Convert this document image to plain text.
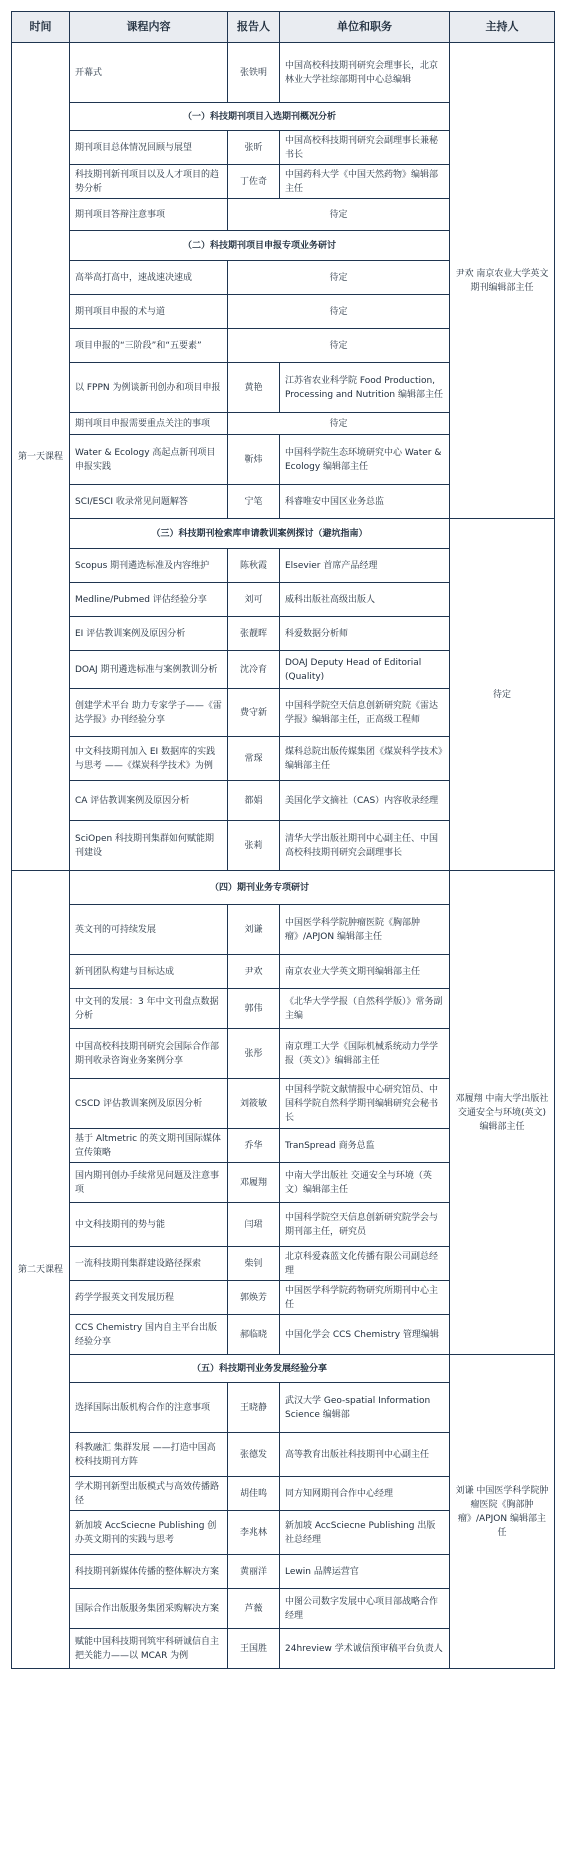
时间	课程内容	报告人	单位和职务	主持人
第一天课程	开幕式	张铁明	中国高校科技期刊研究会理事长，北京林业大学社综部期刊中心总编辑	尹欢 南京农业大学英文期刊编辑部主任
	（一）科技期刊项目入选期刊概况分析			
	期刊项目总体情况回顾与展望	张昕	中国高校科技期刊研究会副理事长兼秘书长	
	科技期刊新刊项目以及人才项目的趋势分析	丁佐奇	中国药科大学《中国天然药物》编辑部主任	
	期刊项目答辩注意事项	待定		
	（二）科技期刊项目申报专项业务研讨			
	高举高打高中，速战速决速成	待定		
	期刊项目申报的术与道	待定		
	项目申报的“三阶段”和“五要素”	待定		
	以 FPPN 为例谈新刊创办和项目申报	黄艳	江苏省农业科学院 Food Production, Processing and Nutrition 编辑部主任	
	期刊项目申报需要重点关注的事项	待定		
	Water & Ecology 高起点新刊项目申报实践	靳炜	中国科学院生态环境研究中心 Water & Ecology 编辑部主任	
	SCI/ESCI 收录常见问题解答	宁笔	科睿唯安中国区业务总监	
	（三）科技期刊检索库申请教训案例探讨（避坑指南）			待定
	Scopus 期刊遴选标准及内容维护	陈秋霞	Elsevier 首席产品经理	
	Medline/Pubmed 评估经验分享	刘可	威科出版社高级出版人	
	EI 评估教训案例及原因分析	张靓晖	科爱数据分析师	
	DOAJ 期刊遴选标准与案例教训分析	沈冷育	DOAJ Deputy Head of Editorial (Quality)	
	创建学术平台 助力专家学子——《雷达学报》办刊经验分享	费守新	中国科学院空天信息创新研究院《雷达学报》编辑部主任，正高级工程师	
	中文科技期刊加入 EI 数据库的实践与思考 ——《煤炭科学技术》为例	常琛	煤科总院出版传媒集团《煤炭科学技术》编辑部主任	
	CA 评估教训案例及原因分析	都娟	美国化学文摘社（CAS）内容收录经理	
	SciOpen 科技期刊集群如何赋能期刊建设	张莉	清华大学出版社期刊中心副主任、中国高校科技期刊研究会副理事长	
第二天课程	（四）期刊业务专项研讨			邓履翔 中南大学出版社 交通安全与环境(英文)编辑部主任
	英文刊的可持续发展	刘谦	中国医学科学院肿瘤医院《胸部肿瘤》/APJON 编辑部主任	
	新刊团队构建与目标达成	尹欢	南京农业大学英文期刊编辑部主任	
	中文刊的发展：3 年中文刊盘点数据分析	郭伟	《北华大学学报（自然科学版）》常务副主编	
	中国高校科技期刊研究会国际合作部期刊收录咨询业务案例分享	张彤	南京理工大学《国际机械系统动力学学报（英文）》编辑部主任	
	CSCD 评估教训案例及原因分析	刘筱敏	中国科学院文献情报中心研究馆员、中国科学院自然科学期刊编辑研究会秘书长	
	基于 Altmetric 的英文期刊国际媒体宣传策略	乔华	TranSpread 商务总监	
	国内期刊创办手续常见问题及注意事项	邓履翔	中南大学出版社 交通安全与环境（英文）编辑部主任	
	中文科技期刊的势与能	闫珺	中国科学院空天信息创新研究院学会与期刊部主任，研究员	
	一流科技期刊集群建设路径探索	柴钊	北京科爱森蓝文化传播有限公司副总经理	
	药学学报英文刊发展历程	郭焕芳	中国医学科学院药物研究所期刊中心主任	
	CCS Chemistry 国内自主平台出版经验分享	郝临晓	中国化学会 CCS Chemistry 管理编辑	
	（五）科技期刊业务发展经验分享			刘谦 中国医学科学院肿瘤医院《胸部肿瘤》/APJON 编辑部主任
	选择国际出版机构合作的注意事项	王晓静	武汉大学 Geo-spatial Information Science 编辑部	
	科教融汇 集群发展 ——打造中国高校科技期刊方阵	张德发	高等教育出版社科技期刊中心副主任	
	学术期刊新型出版模式与高效传播路径	胡佳鸣	同方知网期刊合作中心经理	
	新加坡 AccSciecne Publishing 创办英文期刊的实践与思考	李兆林	新加坡 AccSciecne Publishing 出版社总经理	
	科技期刊新媒体传播的整体解决方案	黄丽洋	Lewin 品牌运营官	
	国际合作出版服务集团采购解决方案	芦薇	中图公司数字发展中心项目部战略合作经理	
	赋能中国科技期刊筑牢科研诚信自主把关能力——以 MCAR 为例	王国胜	24hreview 学术诚信预审稿平台负责人	
